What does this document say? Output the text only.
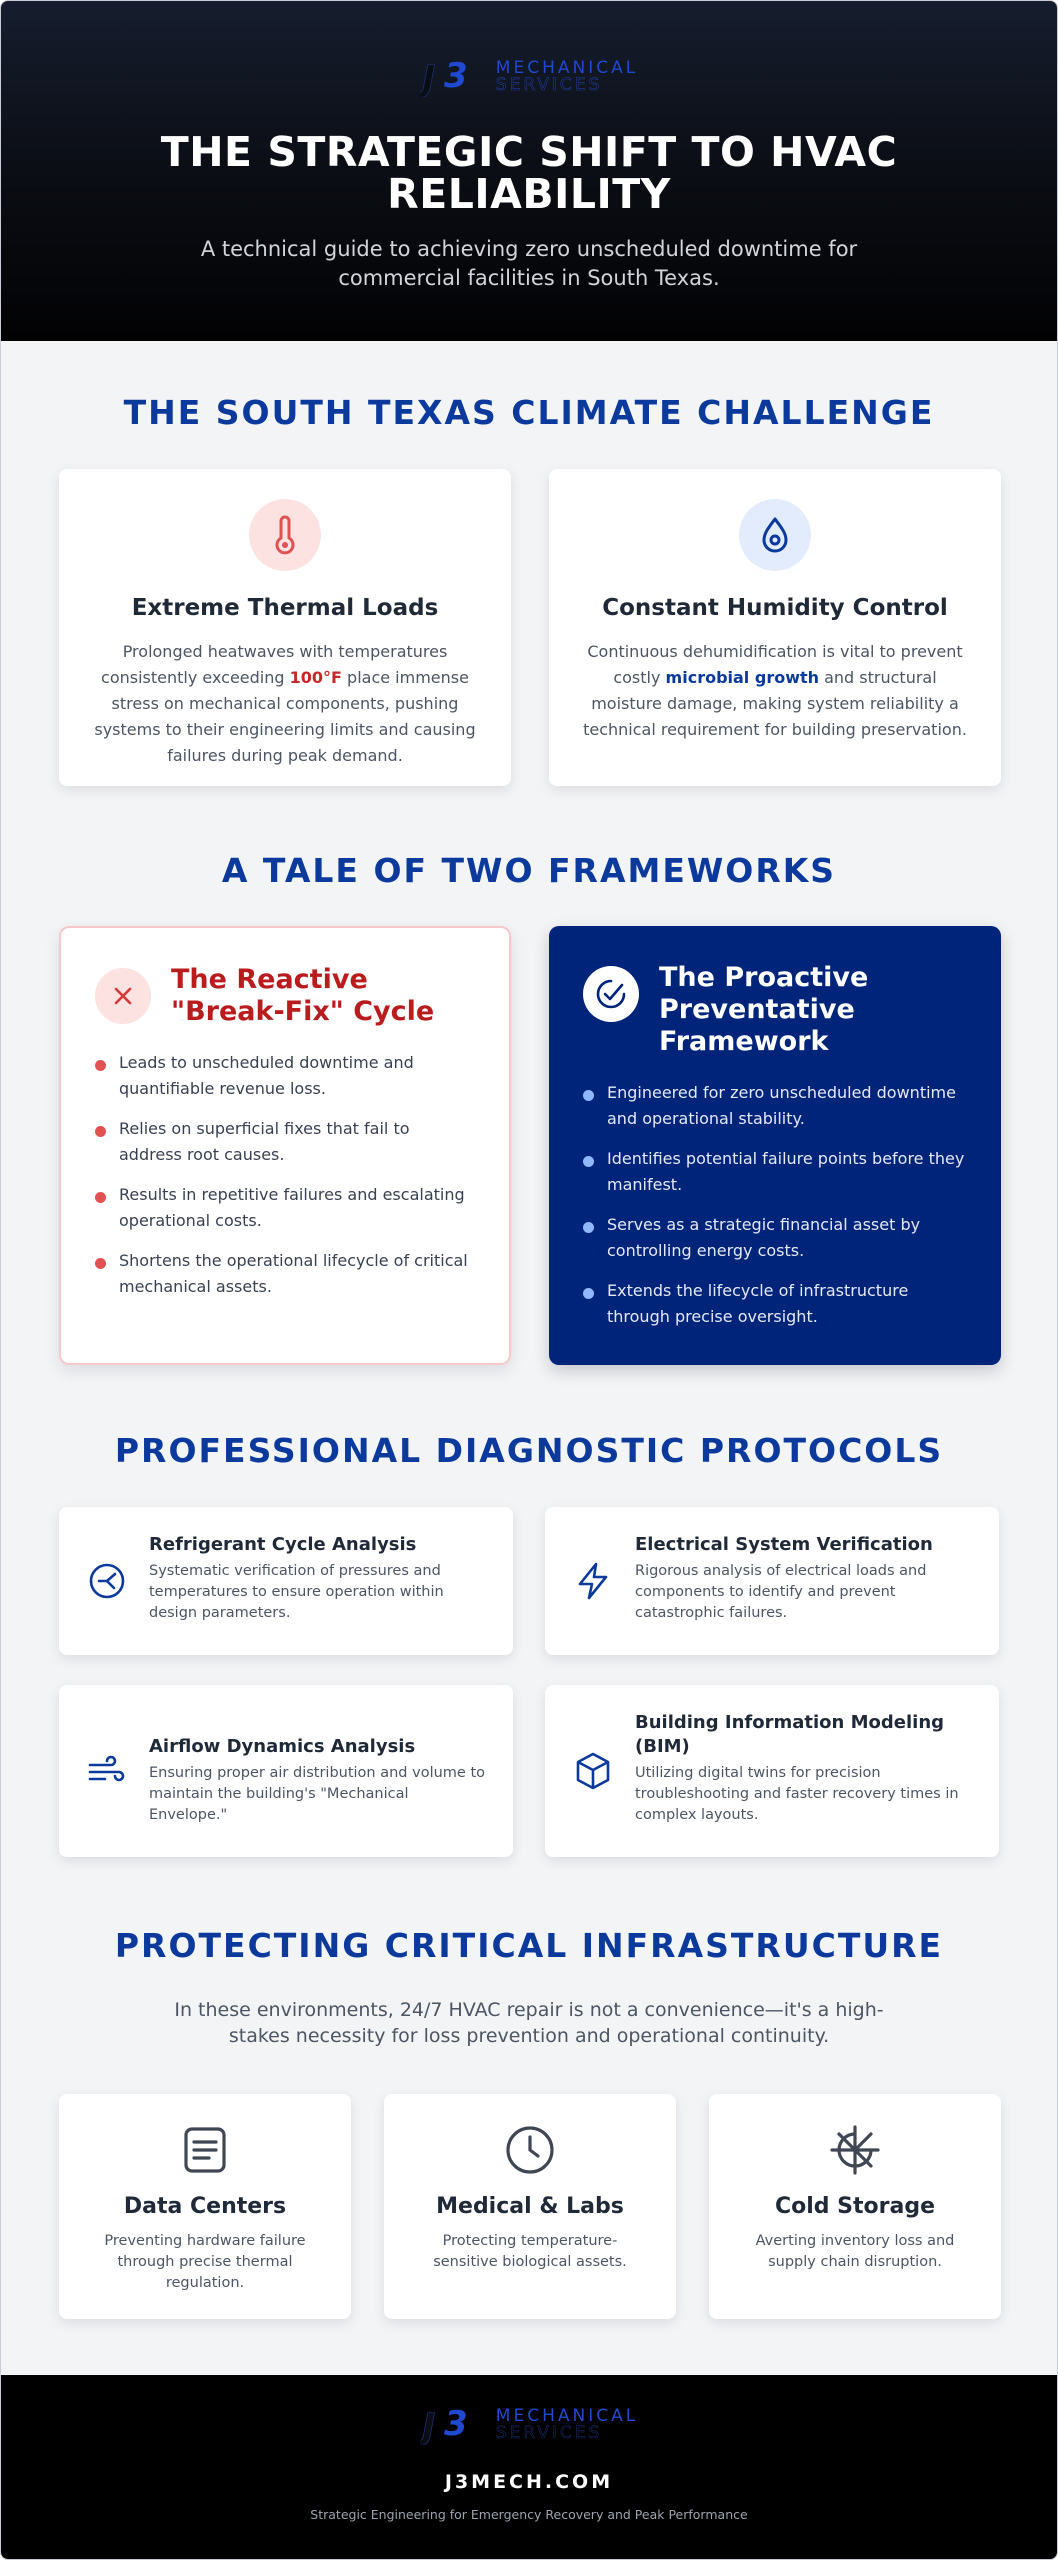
J 3 MECHANICAL
SERVICES
THE STRATEGIC SHIFT TO HVAC RELIABILITY

A technical guide to achieving zero unscheduled downtime for commercial facilities in South Texas.

THE SOUTH TEXAS CLIMATE CHALLENGE
Extreme Thermal Loads

Prolonged heatwaves with temperatures consistently exceeding 100°F place immense stress on mechanical components, pushing systems to their engineering limits and causing failures during peak demand.

Constant Humidity Control

Continuous dehumidification is vital to prevent costly microbial growth and structural moisture damage, making system reliability a technical requirement for building preservation.

A TALE OF TWO FRAMEWORKS
The Reactive "Break-Fix" Cycle
Leads to unscheduled downtime and quantifiable revenue loss.
Relies on superficial fixes that fail to address root causes.
Results in repetitive failures and escalating operational costs.
Shortens the operational lifecycle of critical mechanical assets.
The Proactive Preventative Framework
Engineered for zero unscheduled downtime and operational stability.
Identifies potential failure points before they manifest.
Serves as a strategic financial asset by controlling energy costs.
Extends the lifecycle of infrastructure through precise oversight.
PROFESSIONAL DIAGNOSTIC PROTOCOLS
Refrigerant Cycle Analysis

Systematic verification of pressures and temperatures to ensure operation within design parameters.

Electrical System Verification

Rigorous analysis of electrical loads and components to identify and prevent catastrophic failures.

Airflow Dynamics Analysis

Ensuring proper air distribution and volume to maintain the building's "Mechanical Envelope."

Building Information Modeling (BIM)

Utilizing digital twins for precision troubleshooting and faster recovery times in complex layouts.

PROTECTING CRITICAL INFRASTRUCTURE

In these environments, 24/7 HVAC repair is not a convenience—it's a high-stakes necessity for loss prevention and operational continuity.

Data Centers

Preventing hardware failure through precise thermal regulation.

Medical & Labs

Protecting temperature-sensitive biological assets.

Cold Storage

Averting inventory loss and supply chain disruption.

J 3 MECHANICAL
SERVICES
J3MECH.COM
Strategic Engineering for Emergency Recovery and Peak Performance
